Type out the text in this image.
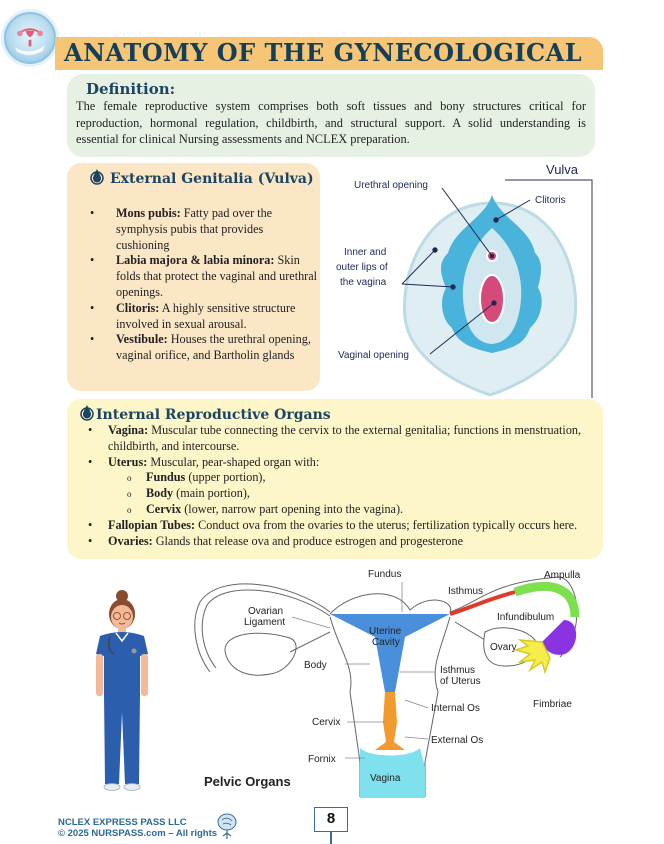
ANATOMY OF THE GYNECOLOGICAL
Definition:
The female reproductive system comprises both soft tissues and bony structures critical for reproduction, hormonal regulation, childbirth, and structural support. A solid understanding is essential for clinical Nursing assessments and NCLEX preparation.
External Genitalia (Vulva)
• Mons pubis: Fatty pad over the symphysis pubis that provides cushioning
• Labia majora & labia minora: Skin folds that protect the vaginal and urethral openings.
• Clitoris: A highly sensitive structure involved in sexual arousal.
• Vestibule: Houses the urethral opening, vaginal orifice, and Bartholin glands
Vulva
Urethral opening
Clitoris
Inner and
outer lips of
the vagina
Vaginal opening
Internal Reproductive Organs
• Vagina: Muscular tube connecting the cervix to the external genitalia; functions in menstruation, childbirth, and intercourse.
• Uterus: Muscular, pear-shaped organ with:
o Fundus (upper portion),
o Body (main portion),
o Cervix (lower, narrow part opening into the vagina).
• Fallopian Tubes: Conduct ova from the ovaries to the uterus; fertilization typically occurs here.
• Ovaries: Glands that release ova and produce estrogen and progesterone
Fundus
Isthmus
Ampulla
Ovarian
Ligament
Uterine
Cavity
Infundibulum
Ovary
Body	Isthmus
of Uterus
Fimbriae
Internal Os
Cervix
External Os
Fornix
Vagina
Pelvic Organs
NCLEX EXPRESS PASS LLC
© 2025 NURSPASS.com – All rights
8
